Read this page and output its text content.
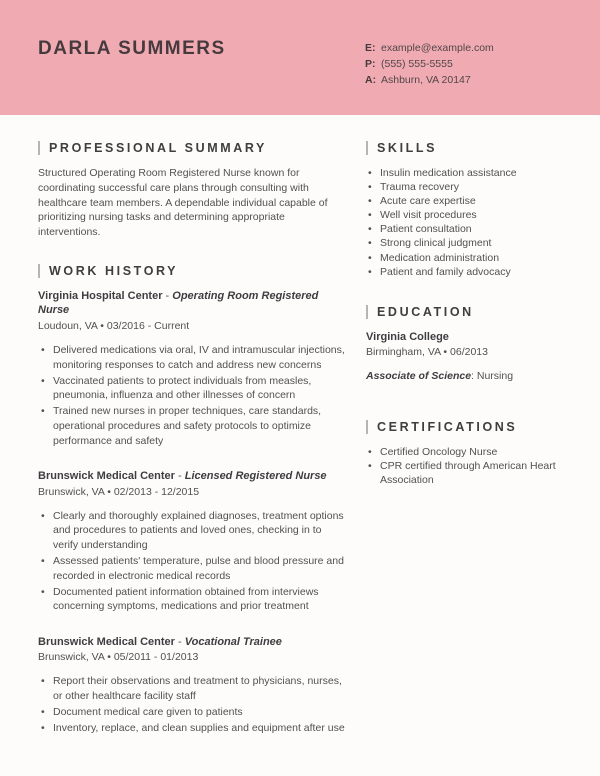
DARLA SUMMERS	E: example@example.com
P: (555) 555-5555
A: Ashburn, VA 20147
PROFESSIONAL SUMMARY

Structured Operating Room Registered Nurse known for coordinating successful care plans through consulting with healthcare team members. A dependable individual capable of prioritizing nursing tasks and determining appropriate interventions.

WORK HISTORY
Virginia Hospital Center - Operating Room Registered Nurse
Loudoun, VA • 03/2016 - Current
• Delivered medications via oral, IV and intramuscular injections, monitoring responses to catch and address new concerns
• Vaccinated patients to protect individuals from measles, pneumonia, influenza and other illnesses of concern
• Trained new nurses in proper techniques, care standards, operational procedures and safety protocols to optimize performance and safety
Brunswick Medical Center - Licensed Registered Nurse
Brunswick, VA • 02/2013 - 12/2015
• Clearly and thoroughly explained diagnoses, treatment options and procedures to patients and loved ones, checking in to verify understanding
• Assessed patients' temperature, pulse and blood pressure and recorded in electronic medical records
• Documented patient information obtained from interviews concerning symptoms, medications and prior treatment
Brunswick Medical Center - Vocational Trainee
Brunswick, VA • 05/2011 - 01/2013
• Report their observations and treatment to physicians, nurses, or other healthcare facility staff
• Document medical care given to patients
• Inventory, replace, and clean supplies and equipment after use
SKILLS
• Insulin medication assistance
• Trauma recovery
• Acute care expertise
• Well visit procedures
• Patient consultation
• Strong clinical judgment
• Medication administration
• Patient and family advocacy
EDUCATION
Virginia College
Birmingham, VA • 06/2013
Associate of Science: Nursing
CERTIFICATIONS
• Certified Oncology Nurse
• CPR certified through American Heart Association
